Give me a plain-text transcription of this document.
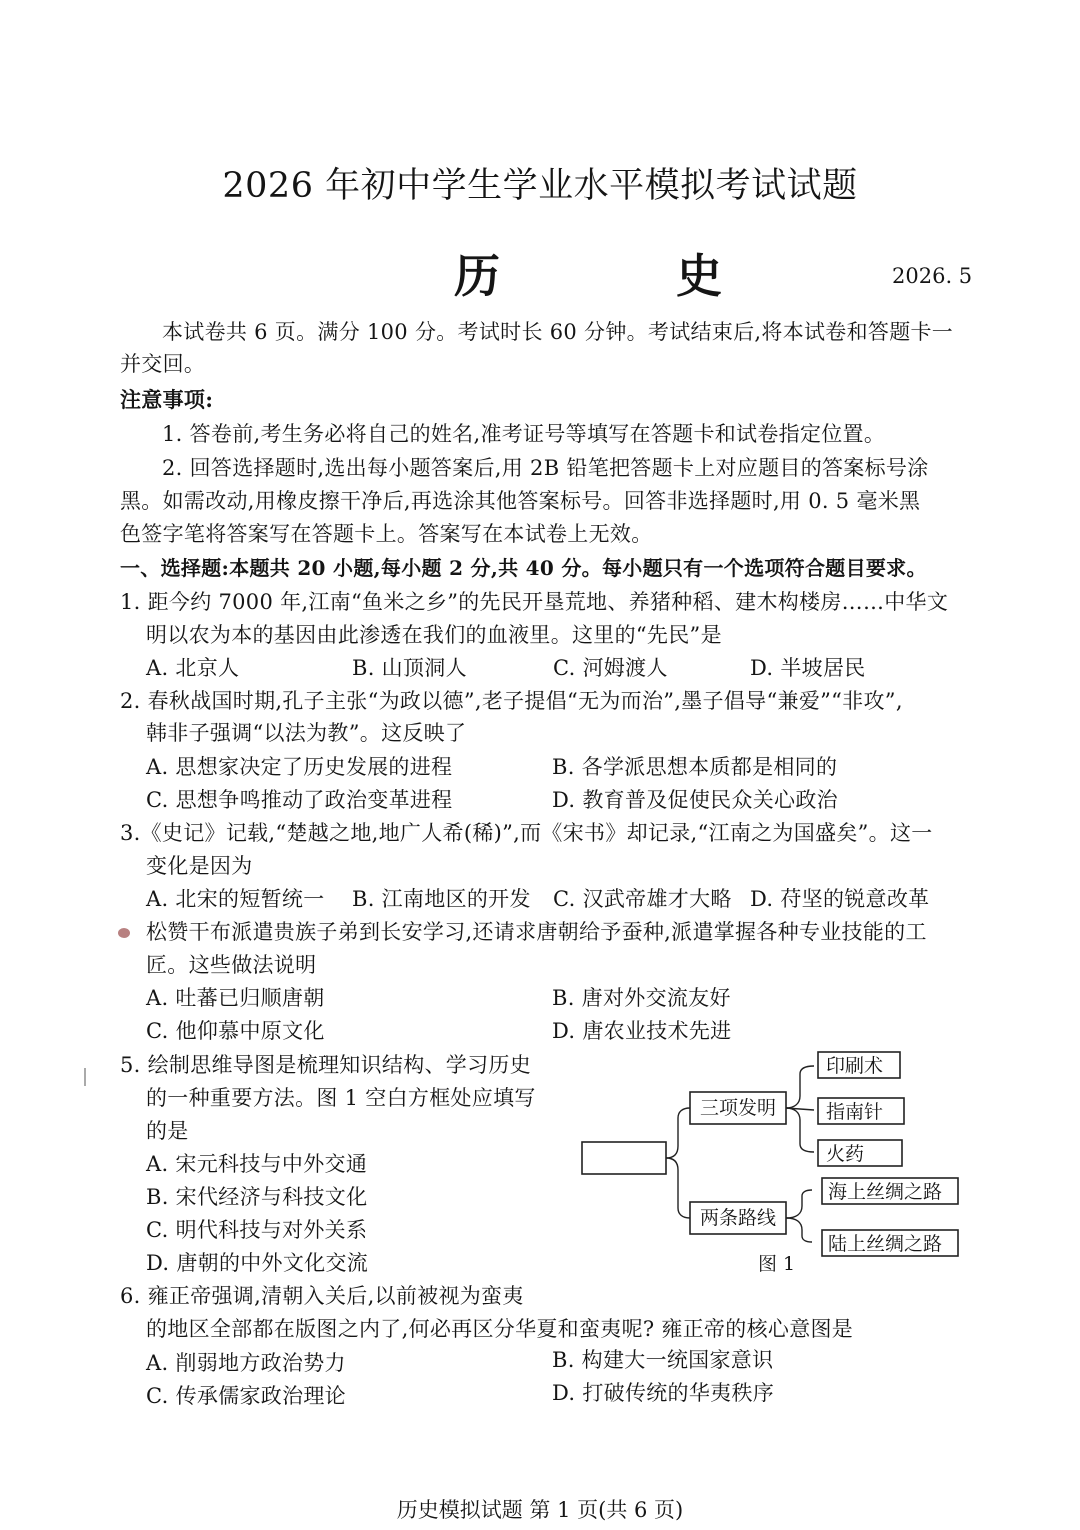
2026 年初中学生学业水平模拟考试试题
历 史	2026. 5
本试卷共 6 页。满分 100 分。考试时长 60 分钟。考试结束后,将本试卷和答题卡一
并交回。
注意事项:
1. 答卷前,考生务必将自己的姓名,准考证号等填写在答题卡和试卷指定位置。
2. 回答选择题时,选出每小题答案后,用 2B 铅笔把答题卡上对应题目的答案标号涂
黑。如需改动,用橡皮擦干净后,再选涂其他答案标号。回答非选择题时,用 0. 5 毫米黑
色签字笔将答案写在答题卡上。答案写在本试卷上无效。
一、选择题:本题共 20 小题,每小题 2 分,共 40 分。每小题只有一个选项符合题目要求。
1. 距今约 7000 年,江南“鱼米之乡”的先民开垦荒地、养猪种稻、建木构楼房……中华文
明以农为本的基因由此渗透在我们的血液里。这里的“先民”是
A. 北京人	B. 山顶洞人	C. 河姆渡人	D. 半坡居民
2. 春秋战国时期,孔子主张“为政以德”,老子提倡“无为而治”,墨子倡导“兼爱”“非攻”,
韩非子强调“以法为教”。这反映了
A. 思想家决定了历史发展的进程	B. 各学派思想本质都是相同的
C. 思想争鸣推动了政治变革进程	D. 教育普及促使民众关心政治
3.《史记》记载,“楚越之地,地广人希(稀)”,而《宋书》却记录,“江南之为国盛矣”。这一
变化是因为
A. 北宋的短暂统一 B. 江南地区的开发 C. 汉武帝雄才大略 D. 苻坚的锐意改革
松赞干布派遣贵族子弟到长安学习,还请求唐朝给予蚕种,派遣掌握各种专业技能的工
匠。这些做法说明
A. 吐蕃已归顺唐朝	B. 唐对外交流友好
C. 他仰慕中原文化	D. 唐农业技术先进
5. 绘制思维导图是梳理知识结构、学习历史
的一种重要方法。图 1 空白方框处应填写
的是
A. 宋元科技与中外交通
B. 宋代经济与科技文化
C. 明代科技与对外关系
D. 唐朝的中外文化交流
三项发明
两条路线
印刷术
指南针
火药
海上丝绸之路
陆上丝绸之路
图 1
6. 雍正帝强调,清朝入关后,以前被视为蛮夷
的地区全部都在版图之内了,何必再区分华夏和蛮夷呢? 雍正帝的核心意图是
A. 削弱地方政治势力	B. 构建大一统国家意识
C. 传承儒家政治理论	D. 打破传统的华夷秩序
历史模拟试题 第 1 页(共 6 页)
